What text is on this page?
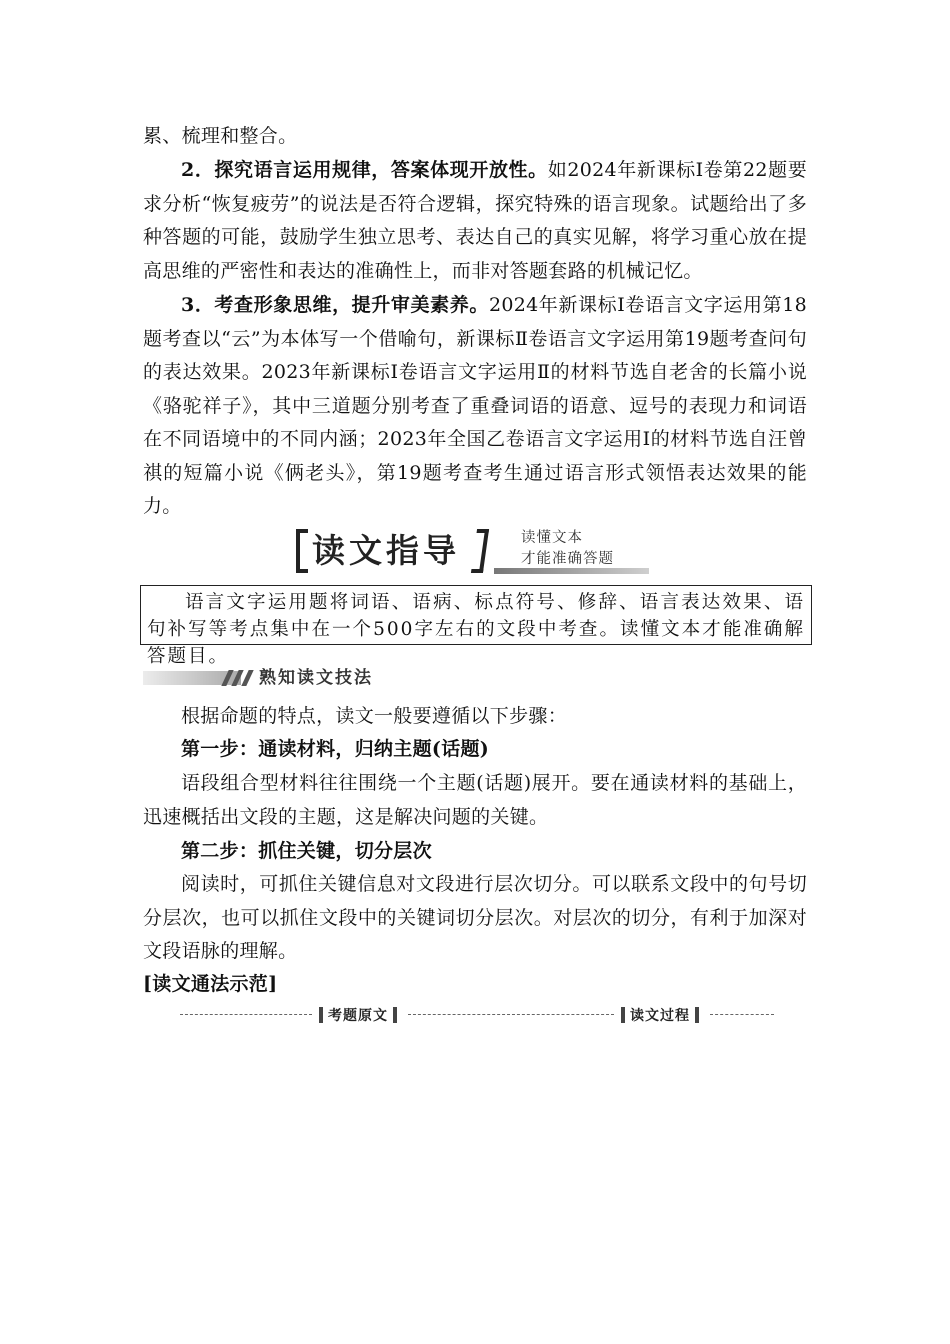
累、梳理和整合。

2．探究语言运用规律，答案体现开放性。如2024年新课标Ⅰ卷第22题要求分析“恢复疲劳”的说法是否符合逻辑，探究特殊的语言现象。试题给出了多种答题的可能，鼓励学生独立思考、表达自己的真实见解，将学习重心放在提高思维的严密性和表达的准确性上，而非对答题套路的机械记忆。

3．考查形象思维，提升审美素养。2024年新课标Ⅰ卷语言文字运用第18题考查以“云”为本体写一个借喻句，新课标Ⅱ卷语言文字运用第19题考查问句的表达效果。2023年新课标Ⅰ卷语言文字运用Ⅱ的材料节选自老舍的长篇小说《骆驼祥子》，其中三道题分别考查了重叠词语的语意、逗号的表现力和词语在不同语境中的不同内涵；2023年全国乙卷语言文字运用Ⅰ的材料节选自汪曾祺的短篇小说《俩老头》，第19题考查考生通过语言形式领悟表达效果的能力。

读文指导	读懂文本
才能准确答题

语言文字运用题将词语、语病、标点符号、修辞、语言表达效果、语句补写等考点集中在一个500字左右的文段中考查。读懂文本才能准确解答题目。

熟知读文技法

根据命题的特点，读文一般要遵循以下步骤：

第一步：通读材料，归纳主题(话题)

语段组合型材料往往围绕一个主题(话题)展开。要在通读材料的基础上，迅速概括出文段的主题，这是解决问题的关键。

第二步：抓住关键，切分层次

阅读时，可抓住关键信息对文段进行层次切分。可以联系文段中的句号切分层次，也可以抓住文段中的关键词切分层次。对层次的切分，有利于加深对文段语脉的理解。

[读文通法示范]

考题原文	读文过程
